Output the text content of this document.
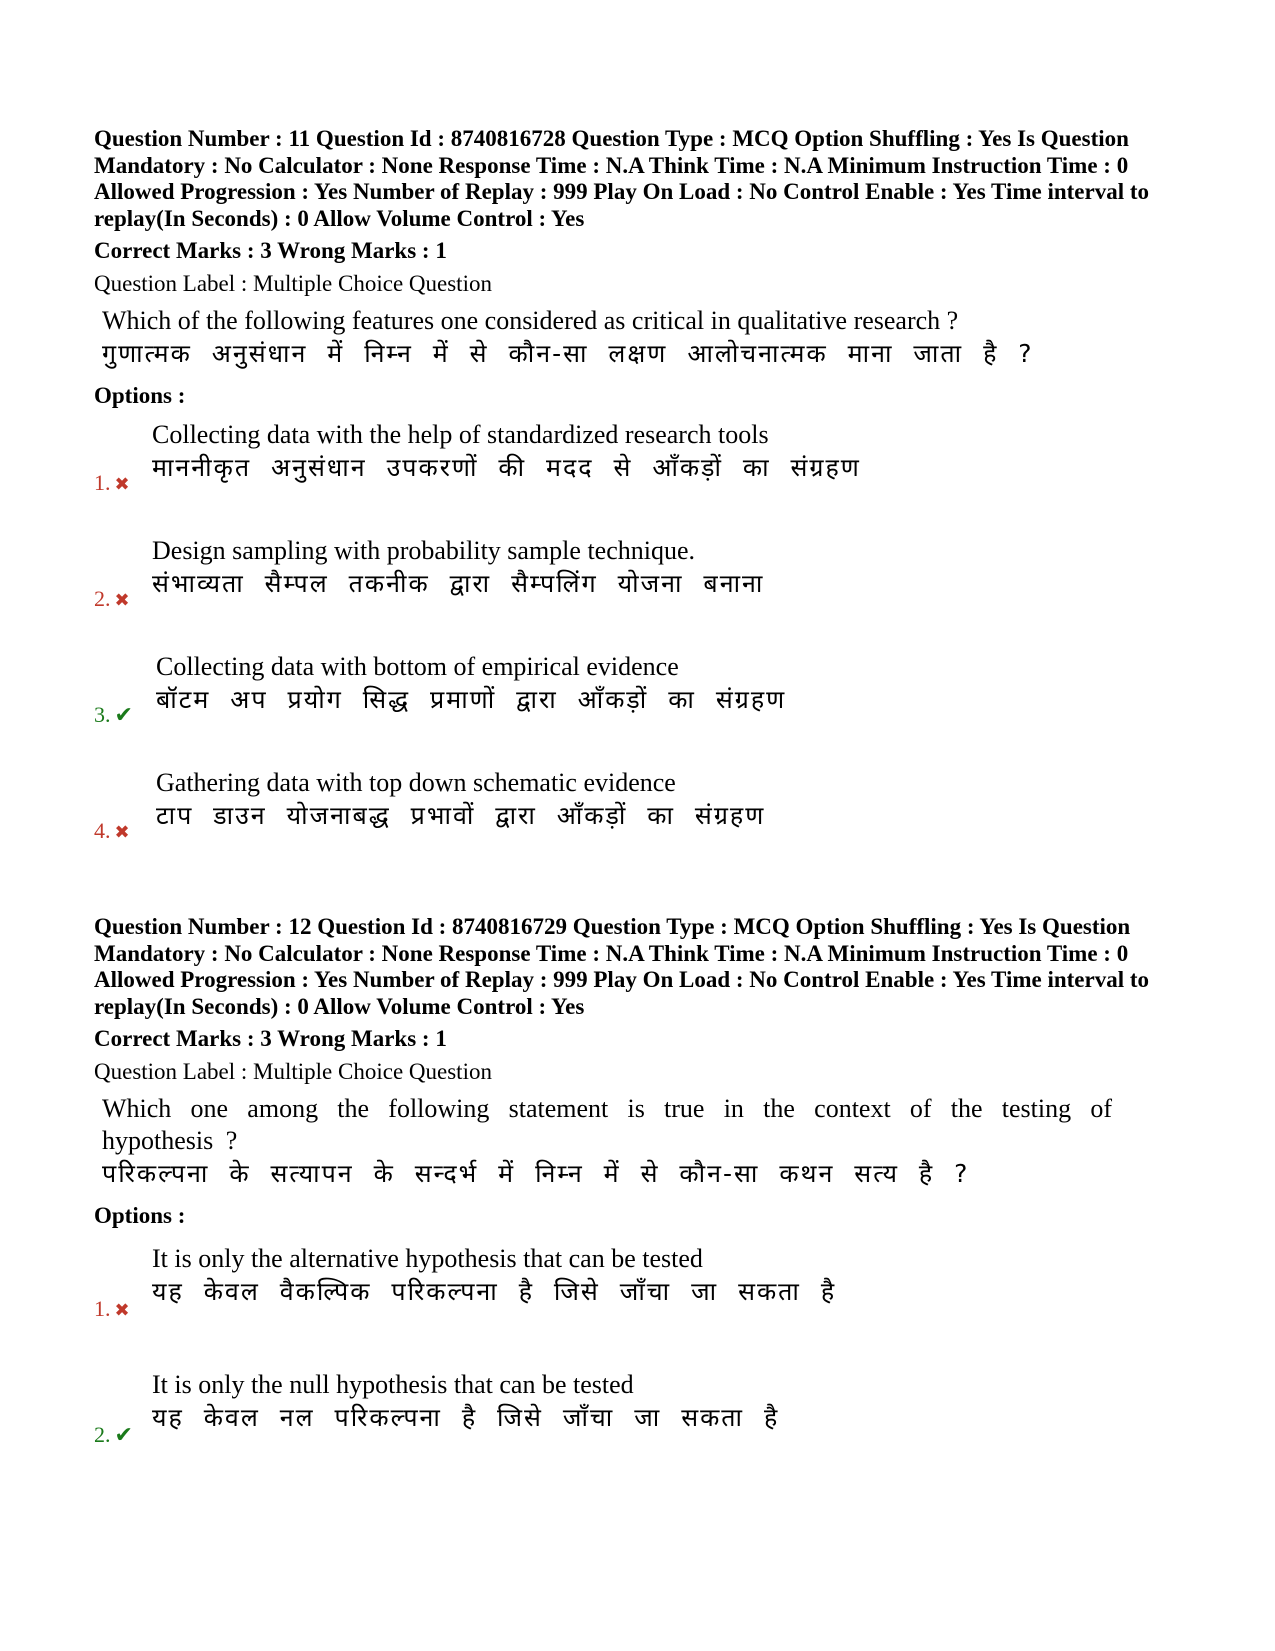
Question Number : 11 Question Id : 8740816728 Question Type : MCQ Option Shuffling : Yes Is Question Mandatory : No Calculator : None Response Time : N.A Think Time : N.A Minimum Instruction Time : 0 Allowed Progression : Yes Number of Replay : 999 Play On Load : No Control Enable : Yes Time interval to replay(In Seconds) : 0 Allow Volume Control : Yes

Correct Marks : 3 Wrong Marks : 1

Question Label : Multiple Choice Question

Which of the following features one considered as critical in qualitative research ?
गुणात्मक अनुसंधान में निम्न में से कौन-सा लक्षण आलोचनात्मक माना जाता है ?

Options :

1. ✖
Collecting data with the help of standardized research tools
माननीकृत अनुसंधान उपकरणों की मदद से आँकड़ों का संग्रहण
2. ✖
Design sampling with probability sample technique.
संभाव्यता सैम्पल तकनीक द्वारा सैम्पलिंग योजना बनाना
3. ✔
Collecting data with bottom of empirical evidence
बॉटम अप प्रयोग सिद्ध प्रमाणों द्वारा आँकड़ों का संग्रहण
4. ✖
Gathering data with top down schematic evidence
टाप डाउन योजनाबद्ध प्रभावों द्वारा आँकड़ों का संग्रहण

Question Number : 12 Question Id : 8740816729 Question Type : MCQ Option Shuffling : Yes Is Question Mandatory : No Calculator : None Response Time : N.A Think Time : N.A Minimum Instruction Time : 0 Allowed Progression : Yes Number of Replay : 999 Play On Load : No Control Enable : Yes Time interval to replay(In Seconds) : 0 Allow Volume Control : Yes

Correct Marks : 3 Wrong Marks : 1

Question Label : Multiple Choice Question

Which one among the following statement is true in the context of the testing of hypothesis ?
परिकल्पना के सत्यापन के सन्दर्भ में निम्न में से कौन-सा कथन सत्य है ?

Options :

1. ✖
It is only the alternative hypothesis that can be tested
यह केवल वैकल्पिक परिकल्पना है जिसे जाँचा जा सकता है
2. ✔
It is only the null hypothesis that can be tested
यह केवल नल परिकल्पना है जिसे जाँचा जा सकता है
